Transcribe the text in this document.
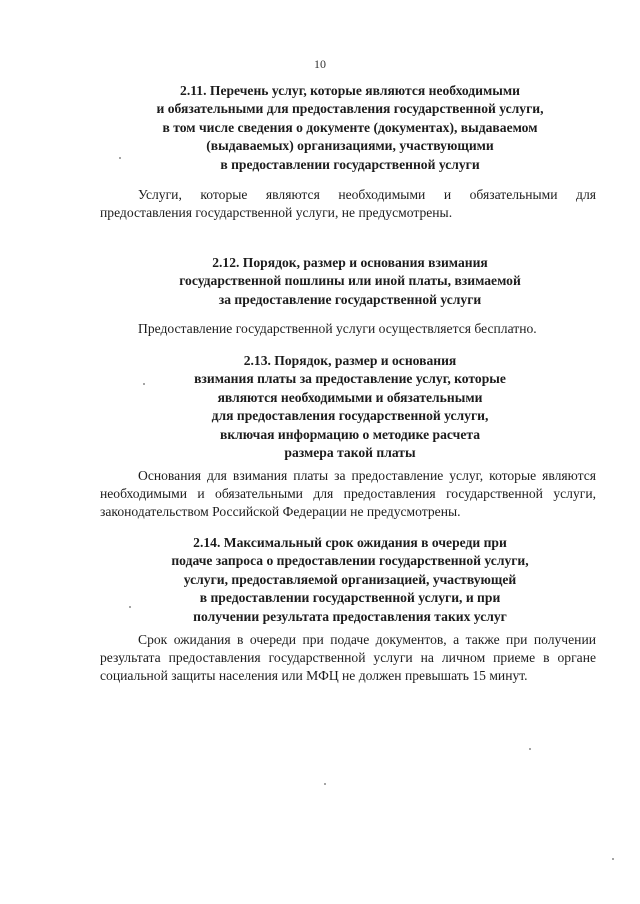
10
2.11. Перечень услуг, которые являются необходимыми
и обязательными для предоставления государственной услуги,
в том числе сведения о документе (документах), выдаваемом
(выдаваемых) организациями, участвующими
в предоставлении государственной услуги
Услуги, которые являются необходимыми и обязательными для
предоставления государственной услуги, не предусмотрены.
2.12. Порядок, размер и основания взимания
государственной пошлины или иной платы, взимаемой
за предоставление государственной услуги
Предоставление государственной услуги осуществляется бесплатно.
2.13. Порядок, размер и основания
взимания платы за предоставление услуг, которые
являются необходимыми и обязательными
для предоставления государственной услуги,
включая информацию о методике расчета
размера такой платы
Основания для взимания платы за предоставление услуг, которые являются
необходимыми и обязательными для предоставления государственной услуги,
законодательством Российской Федерации не предусмотрены.
2.14. Максимальный срок ожидания в очереди при
подаче запроса о предоставлении государственной услуги,
услуги, предоставляемой организацией, участвующей
в предоставлении государственной услуги, и при
получении результата предоставления таких услуг
Срок ожидания в очереди при подаче документов, а также при получении
результата предоставления государственной услуги на личном приеме в органе
социальной защиты населения или МФЦ не должен превышать 15 минут.
